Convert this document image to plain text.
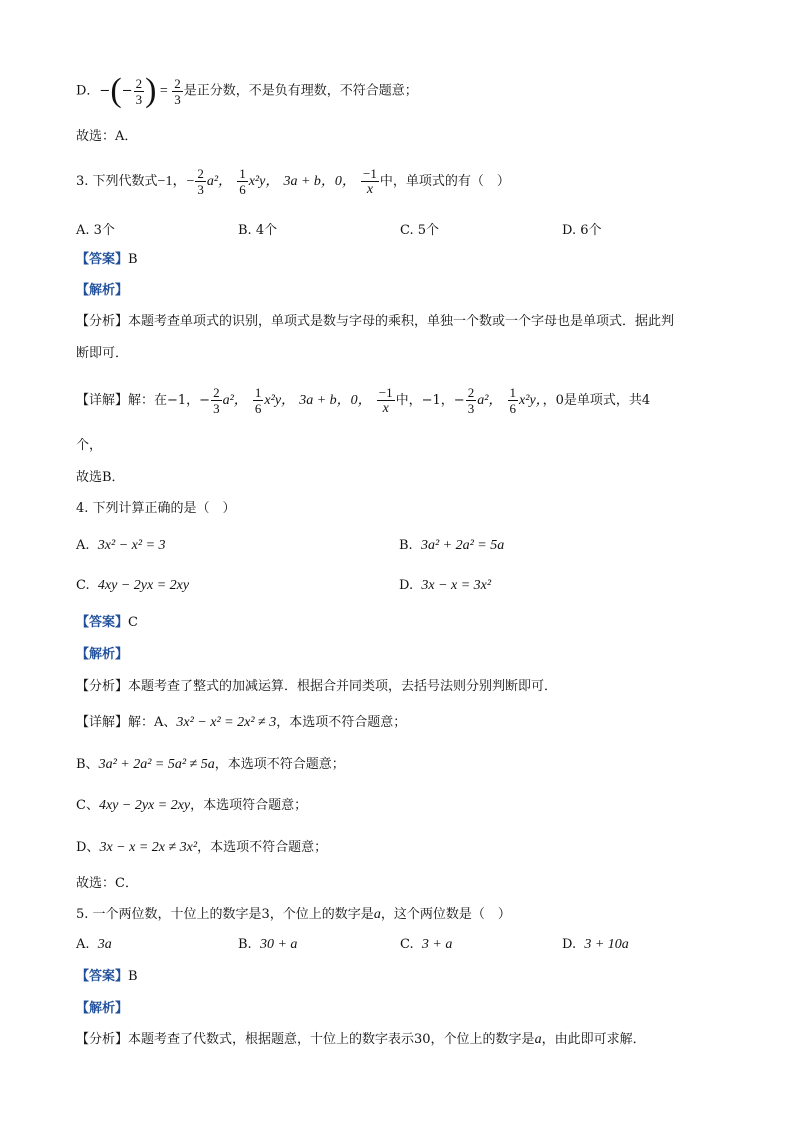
D．−(− $\frac{2}{3}$ ) = $\frac{2}{3}$ 是正分数，不是负有理数，不符合题意；
故选：A．
3. 下列代数式−1，− $\frac{2}{3} a^2$， $\frac{1}{6} x^2y$， 3a + b，0， $\frac{-1}{x}$ 中，单项式的有（　）
A. 3个	B. 4个	C. 5个	D. 6个
【答案】B
【解析】
【分析】本题考查单项式的识别，单项式是数与字母的乘积，单独一个数或一个字母也是单项式．据此判
断即可．
【详解】解：在−1，− $\frac{2}{3} a^2$， $\frac{1}{6} x^2y$， 3a + b，0， $\frac{-1}{x}$ 中，−1，− $\frac{2}{3} a^2$， $\frac{1}{6} x^2y$，，0是单项式，共4
个，
故选B．
4. 下列计算正确的是（　）
A. 3x² − x² = 3	B. 3a² + 2a² = 5a
C. 4xy − 2yx = 2xy	D. 3x − x = 3x²
【答案】C
【解析】
【分析】本题考查了整式的加减运算．根据合并同类项，去括号法则分别判断即可．
【详解】解：A、3x² − x² = 2x² ≠ 3，本选项不符合题意；
B、3a² + 2a² = 5a² ≠ 5a，本选项不符合题意；
C、4xy − 2yx = 2xy，本选项符合题意；
D、3x − x = 2x ≠ 3x²，本选项不符合题意；
故选：C．
5. 一个两位数，十位上的数字是3，个位上的数字是a，这个两位数是（　）
A. 3a	B. 30 + a	C. 3 + a	D. 3 + 10a
【答案】B
【解析】
【分析】本题考查了代数式，根据题意，十位上的数字表示30，个位上的数字是a，由此即可求解．
